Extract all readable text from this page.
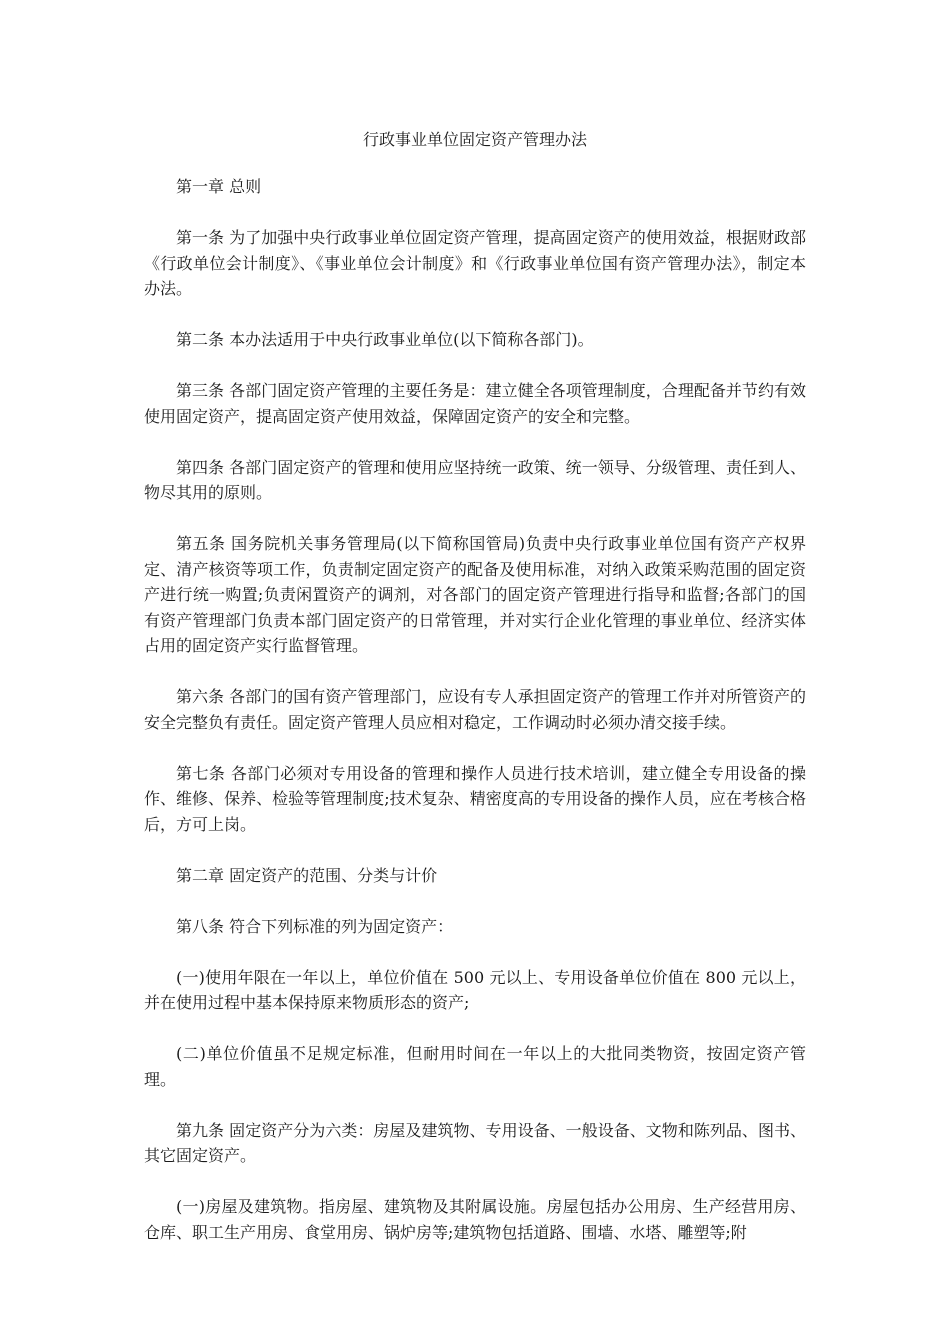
行政事业单位固定资产管理办法

第一章 总则

第一条 为了加强中央行政事业单位固定资产管理，提高固定资产的使用效益，根据财政部《行政单位会计制度》、《事业单位会计制度》和《行政事业单位国有资产管理办法》，制定本办法。

第二条 本办法适用于中央行政事业单位(以下简称各部门)。

第三条 各部门固定资产管理的主要任务是：建立健全各项管理制度，合理配备并节约有效使用固定资产，提高固定资产使用效益，保障固定资产的安全和完整。

第四条 各部门固定资产的管理和使用应坚持统一政策、统一领导、分级管理、责任到人、物尽其用的原则。

第五条 国务院机关事务管理局(以下简称国管局)负责中央行政事业单位国有资产产权界定、清产核资等项工作，负责制定固定资产的配备及使用标准，对纳入政策采购范围的固定资产进行统一购置;负责闲置资产的调剂，对各部门的固定资产管理进行指导和监督;各部门的国有资产管理部门负责本部门固定资产的日常管理，并对实行企业化管理的事业单位、经济实体占用的固定资产实行监督管理。

第六条 各部门的国有资产管理部门，应设有专人承担固定资产的管理工作并对所管资产的安全完整负有责任。固定资产管理人员应相对稳定，工作调动时必须办清交接手续。

第七条 各部门必须对专用设备的管理和操作人员进行技术培训，建立健全专用设备的操作、维修、保养、检验等管理制度;技术复杂、精密度高的专用设备的操作人员，应在考核合格后，方可上岗。

第二章 固定资产的范围、分类与计价

第八条 符合下列标准的列为固定资产：

(一)使用年限在一年以上，单位价值在 500 元以上、专用设备单位价值在 800 元以上，并在使用过程中基本保持原来物质形态的资产;

(二)单位价值虽不足规定标准，但耐用时间在一年以上的大批同类物资，按固定资产管理。

第九条 固定资产分为六类：房屋及建筑物、专用设备、一般设备、文物和陈列品、图书、其它固定资产。

(一)房屋及建筑物。指房屋、建筑物及其附属设施。房屋包括办公用房、生产经营用房、仓库、职工生产用房、食堂用房、锅炉房等;建筑物包括道路、围墙、水塔、雕塑等;附
